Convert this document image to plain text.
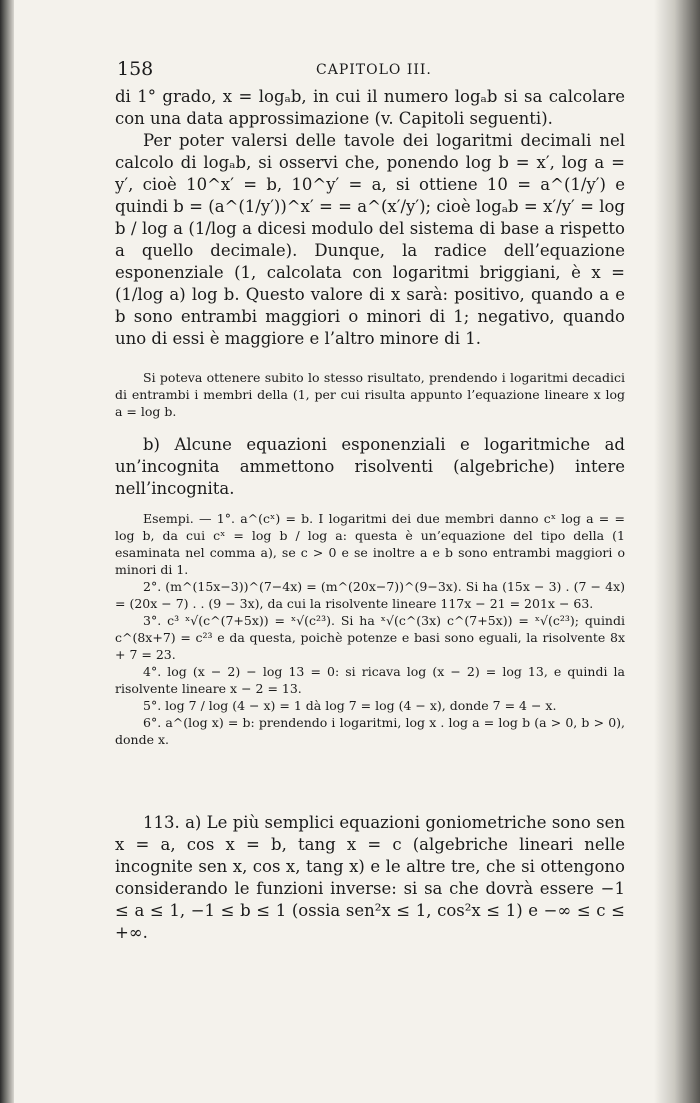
158	CAPITOLO III.

di 1° grado, x = logₐb, in cui il numero logₐb si sa calcolare con una data approssimazione (v. Capitoli seguenti).

Per poter valersi delle tavole dei logaritmi decimali nel calcolo di logₐb, si osservi che, ponendo log b = x′, log a = y′, cioè 10^x′ = b, 10^y′ = a, si ottiene 10 = a^(1/y′) e quindi b = (a^(1/y′))^x′ = = a^(x′/y′); cioè logₐb = x′/y′ = log b / log a (1/log a dicesi modulo del sistema di base a rispetto a quello decimale). Dunque, la radice dell’equazione esponenziale (1, calcolata con logaritmi briggiani, è x = (1/log a) log b. Questo valore di x sarà: positivo, quando a e b sono entrambi maggiori o minori di 1; negativo, quando uno di essi è maggiore e l’altro minore di 1.

Si poteva ottenere subito lo stesso risultato, prendendo i logaritmi decadici di entrambi i membri della (1, per cui risulta appunto l’equazione lineare x log a = log b.

b) Alcune equazioni esponenziali e logaritmiche ad un’incognita ammettono risolventi (algebriche) intere nell’incognita.

Esempi. — 1°. a^(cˣ) = b. I logaritmi dei due membri danno cˣ log a = = log b, da cui cˣ = log b / log a: questa è un’equazione del tipo della (1 esaminata nel comma a), se c > 0 e se inoltre a e b sono entrambi maggiori o minori di 1.

2°. (m^(15x−3))^(7−4x) = (m^(20x−7))^(9−3x). Si ha (15x − 3) . (7 − 4x) = (20x − 7) . . (9 − 3x), da cui la risolvente lineare 117x − 21 = 201x − 63.

3°. c³ ˣ√(c^(7+5x)) = ˣ√(c²³). Si ha ˣ√(c^(3x) c^(7+5x)) = ˣ√(c²³); quindi c^(8x+7) = c²³ e da questa, poichè potenze e basi sono eguali, la risolvente 8x + 7 = 23.

4°. log (x − 2) − log 13 = 0: si ricava log (x − 2) = log 13, e quindi la risolvente lineare x − 2 = 13.

5°. log 7 / log (4 − x) = 1 dà log 7 = log (4 − x), donde 7 = 4 − x.

6°. a^(log x) = b: prendendo i logaritmi, log x . log a = log b (a > 0, b > 0), donde x.

113. a) Le più semplici equazioni goniometriche sono sen x = a, cos x = b, tang x = c (algebriche lineari nelle incognite sen x, cos x, tang x) e le altre tre, che si ottengono considerando le funzioni inverse: si sa che dovrà essere −1 ≤ a ≤ 1, −1 ≤ b ≤ 1 (ossia sen²x ≤ 1, cos²x ≤ 1) e −∞ ≤ c ≤ +∞.
